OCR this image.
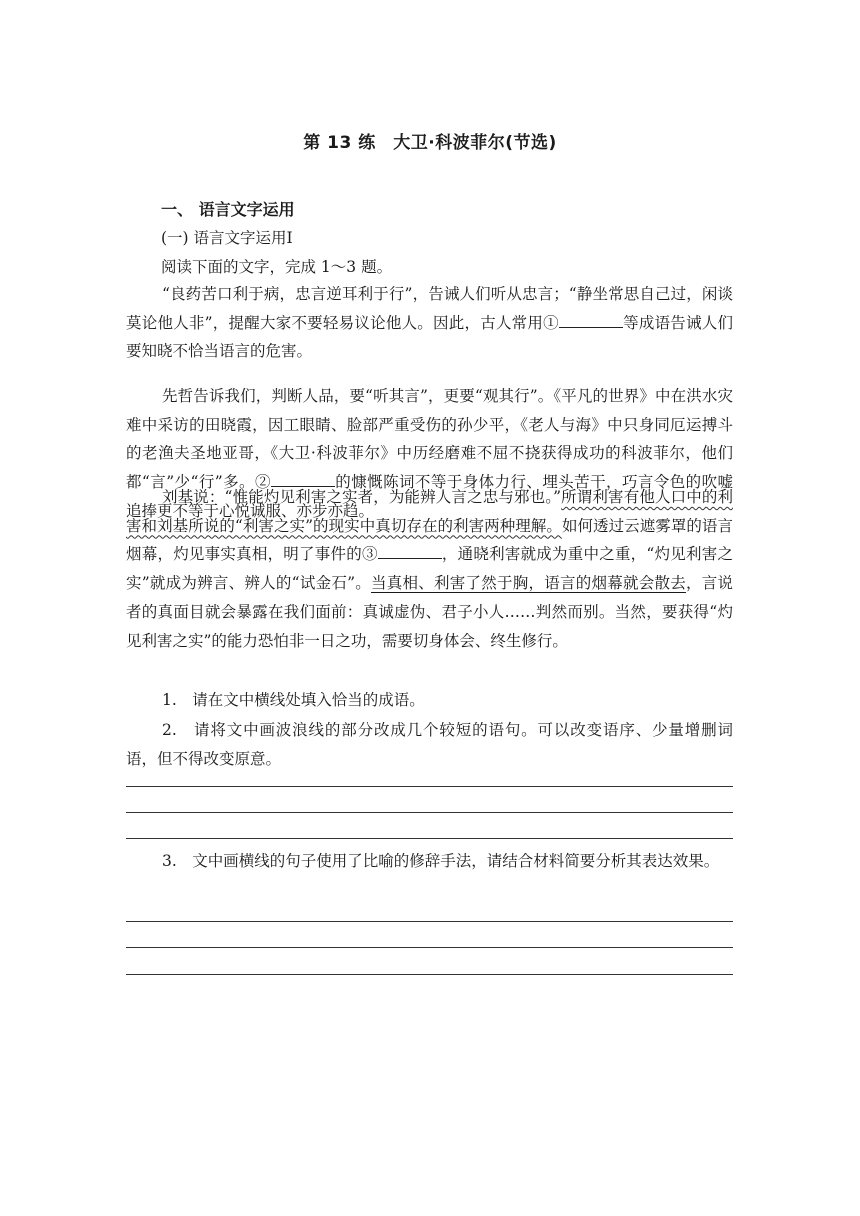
第 13 练　大卫·科波菲尔(节选)
一、 语言文字运用
(一) 语言文字运用Ⅰ
阅读下面的文字，完成 1～3 题。
“良药苦口利于病，忠言逆耳利于行”，告诫人们听从忠言；“静坐常思自己过，闲谈莫论他人非”，提醒大家不要轻易议论他人。因此，古人常用①	等成语告诫人们要知晓不恰当语言的危害。
先哲告诉我们，判断人品，要“听其言”，更要“观其行”。《平凡的世界》中在洪水灾难中采访的田晓霞，因工眼睛、脸部严重受伤的孙少平，《老人与海》中只身同厄运搏斗的老渔夫圣地亚哥，《大卫·科波菲尔》中历经磨难不屈不挠获得成功的科波菲尔，他们都“言”少“行”多。②	的慷慨陈词不等于身体力行、埋头苦干，巧言令色的吹嘘追捧更不等于心悦诚服、亦步亦趋。
刘基说：“惟能灼见利害之实者，为能辨人言之忠与邪也。”所谓利害有他人口中的利害和刘基所说的“利害之实”的现实中真切存在的利害两种理解。如何透过云遮雾罩的语言烟幕，灼见事实真相，明了事件的③	，通晓利害就成为重中之重，“灼见利害之实”就成为辨言、辨人的“试金石”。当真相、利害了然于胸，语言的烟幕就会散去，言说者的真面目就会暴露在我们面前：真诚虚伪、君子小人……判然而别。当然，要获得“灼见利害之实”的能力恐怕非一日之功，需要切身体会、终生修行。
1.　请在文中横线处填入恰当的成语。
2.　请将文中画波浪线的部分改成几个较短的语句。可以改变语序、少量增删词语，但不得改变原意。
3.　文中画横线的句子使用了比喻的修辞手法，请结合材料简要分析其表达效果。
